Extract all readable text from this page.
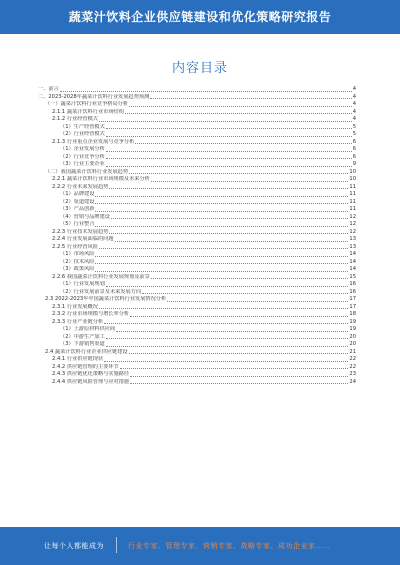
蔬菜汁饮料企业供应链建设和优化策略研究报告
内容目录
一、前言	4
二、2023-2028年蔬菜汁饮料行业发展趋势预测	4
（一）蔬菜汁饮料行业竞争格局分析	4
2.1.1 蔬菜汁饮料行业市场结构	4
2.1.2 行业经营模式	4
（1）生产经营模式	5
（2）行业经营模式	5
2.1.3 行业重点企业发展与竞争分析	6
（1）企业发展分析	6
（2）行业竞争分析	6
（3）行业主要企业	9
（二）我国蔬菜汁饮料行业发展趋势	10
2.2.1 蔬菜汁饮料行业市场规模及未来分析	10
2.2.2 行业未来发展趋势	11
（1）品牌建设	11
（2）渠道建设	11
（3）产品创新	11
（4）营销与品牌建设	12
（5）行业整合	12
2.2.3 行业技术发展趋势	12
2.2.4 行业发展面临的问题	13
2.2.5 行业经营风险	13
（1）市场风险	14
（2）技术风险	14
（3）政策风险	14
2.2.6 我国蔬菜汁饮料行业发展规划及前景	15
（1）行业发展规划	16
（2）行业发展前景及未来发展方向	16
2.3 2022-2023年中国蔬菜汁饮料行业发展情况分析	17
2.3.1 行业发展概况	17
2.3.2 行业市场规模与增长率分析	18
2.3.3 行业产业链分析	19
（1）上游原材料供应商	19
（2）中游生产加工	20
（3）下游销售渠道	20
2.4 蔬菜汁饮料行业企业供应链建设	21
2.4.1 行业供应链现状	22
2.4.2 供应链管理的主要环节	22
2.4.3 供应链优化策略与实施路径	23
2.4.4 供应链风险管理与应对措施	24
让每个人都能成为	行业专家、管理专家、营销专家、战略专家、成功企业家……
